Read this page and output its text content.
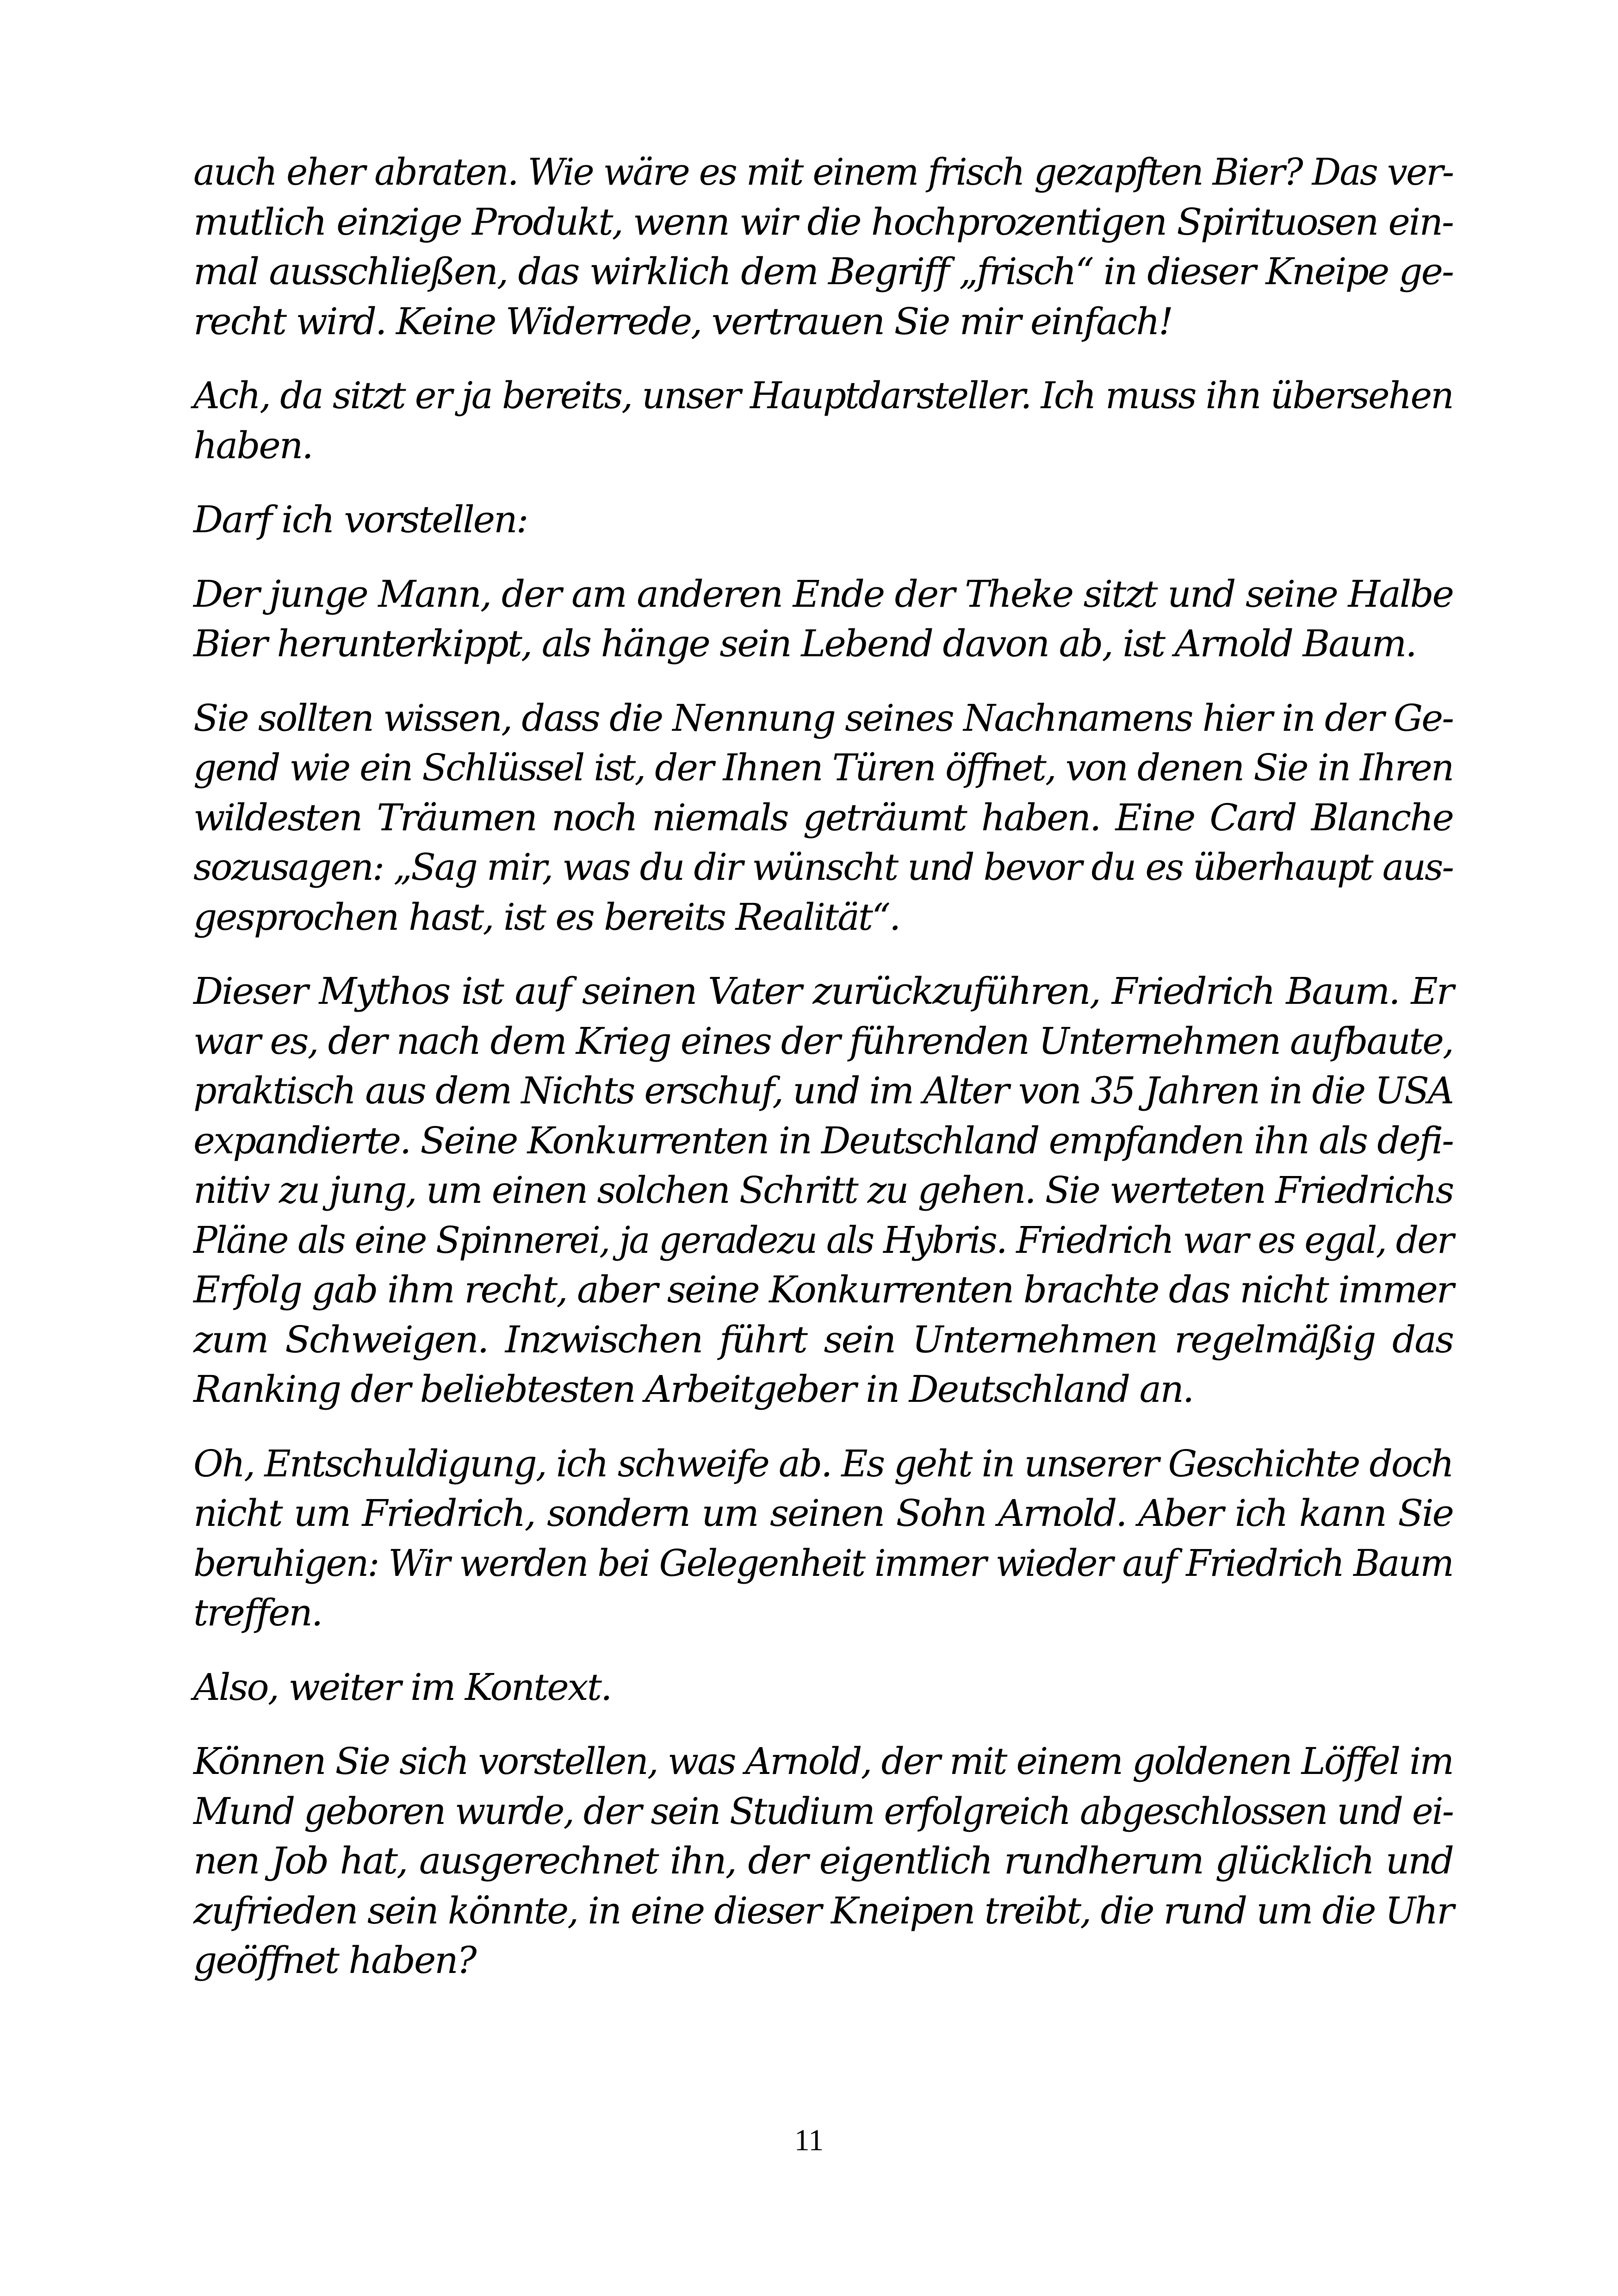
auch eher abraten. Wie wäre es mit einem frisch gezapften Bier? Das ver-
mutlich einzige Produkt, wenn wir die hochprozentigen Spirituosen ein-
mal ausschließen, das wirklich dem Begriff „frisch“ in dieser Kneipe ge-
recht wird. Keine Widerrede, vertrauen Sie mir einfach!
Ach, da sitzt er ja bereits, unser Hauptdarsteller. Ich muss ihn übersehen
haben.
Darf ich vorstellen:
Der junge Mann, der am anderen Ende der Theke sitzt und seine Halbe
Bier herunterkippt, als hänge sein Lebend davon ab, ist Arnold Baum.
Sie sollten wissen, dass die Nennung seines Nachnamens hier in der Ge-
gend wie ein Schlüssel ist, der Ihnen Türen öffnet, von denen Sie in Ihren
wildesten Träumen noch niemals geträumt haben. Eine Card Blanche
sozusagen: „Sag mir, was du dir wünscht und bevor du es überhaupt aus-
gesprochen hast, ist es bereits Realität“.
Dieser Mythos ist auf seinen Vater zurückzuführen, Friedrich Baum. Er
war es, der nach dem Krieg eines der führenden Unternehmen aufbaute,
praktisch aus dem Nichts erschuf, und im Alter von 35 Jahren in die USA
expandierte. Seine Konkurrenten in Deutschland empfanden ihn als defi-
nitiv zu jung, um einen solchen Schritt zu gehen. Sie werteten Friedrichs
Pläne als eine Spinnerei, ja geradezu als Hybris. Friedrich war es egal, der
Erfolg gab ihm recht, aber seine Konkurrenten brachte das nicht immer
zum Schweigen. Inzwischen führt sein Unternehmen regelmäßig das
Ranking der beliebtesten Arbeitgeber in Deutschland an.
Oh, Entschuldigung, ich schweife ab. Es geht in unserer Geschichte doch
nicht um Friedrich, sondern um seinen Sohn Arnold. Aber ich kann Sie
beruhigen: Wir werden bei Gelegenheit immer wieder auf Friedrich Baum
treffen.
Also, weiter im Kontext.
Können Sie sich vorstellen, was Arnold, der mit einem goldenen Löffel im
Mund geboren wurde, der sein Studium erfolgreich abgeschlossen und ei-
nen Job hat, ausgerechnet ihn, der eigentlich rundherum glücklich und
zufrieden sein könnte, in eine dieser Kneipen treibt, die rund um die Uhr
geöffnet haben?
11
